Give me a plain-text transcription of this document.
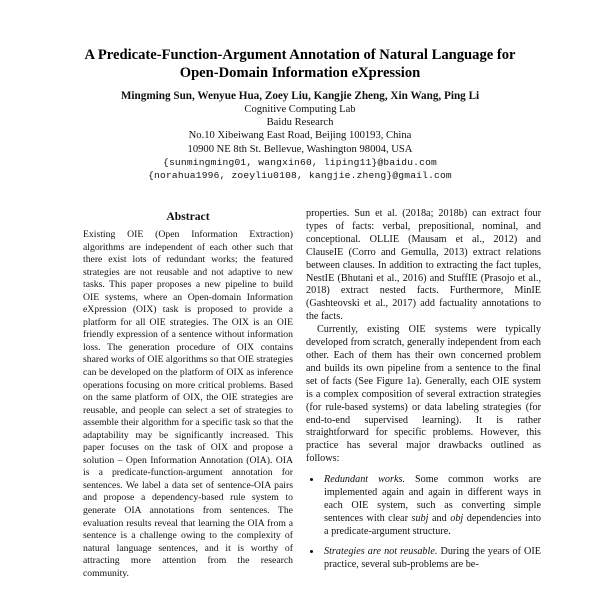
A Predicate-Function-Argument Annotation of Natural Language for
Open-Domain Information eXpression
Mingming Sun, Wenyue Hua, Zoey Liu, Kangjie Zheng, Xin Wang, Ping Li
Cognitive Computing Lab
Baidu Research
No.10 Xibeiwang East Road, Beijing 100193, China
10900 NE 8th St. Bellevue, Washington 98004, USA
{sunmingming01, wangxin60, liping11}@baidu.com
{norahua1996, zoeyliu0108, kangjie.zheng}@gmail.com
Abstract
Existing OIE (Open Information Extraction) algorithms are independent of each other such that there exist lots of redundant works; the featured strategies are not reusable and not adaptive to new tasks. This paper proposes a new pipeline to build OIE systems, where an Open-domain Information eXpression (OIX) task is proposed to provide a platform for all OIE strategies. The OIX is an OIE friendly expression of a sentence without information loss. The generation procedure of OIX contains shared works of OIE algorithms so that OIE strategies can be developed on the platform of OIX as inference operations focusing on more critical problems. Based on the same platform of OIX, the OIE strategies are reusable, and people can select a set of strategies to assemble their algorithm for a specific task so that the adaptability may be significantly increased. This paper focuses on the task of OIX and propose a solution – Open Information Annotation (OIA). OIA is a predicate-function-argument annotation for sentences. We label a data set of sentence-OIA pairs and propose a dependency-based rule system to generate OIA annotations from sentences. The evaluation results reveal that learning the OIA from a sentence is a challenge owing to the complexity of natural language sentences, and it is worthy of attracting more attention from the research community.

properties. Sun et al. (2018a; 2018b) can extract four types of facts: verbal, prepositional, nominal, and conceptional. OLLIE (Mausam et al., 2012) and ClauseIE (Corro and Gemulla, 2013) extract relations between clauses. In addition to extracting the fact tuples, NestIE (Bhutani et al., 2016) and StuffIE (Prasojo et al., 2018) extract nested facts. Furthermore, MinIE (Gashteovski et al., 2017) add factuality annotations to the facts.

Currently, existing OIE systems were typically developed from scratch, generally independent from each other. Each of them has their own concerned problem and builds its own pipeline from a sentence to the final set of facts (See Figure 1a). Generally, each OIE system is a complex composition of several extraction strategies (for rule-based systems) or data labeling strategies (for end-to-end supervised learning). It is rather straightforward for specific problems. However, this practice has several major drawbacks outlined as follows:

• Redundant works. Some common works are implemented again and again in different ways in each OIE system, such as converting simple sentences with clear subj and obj dependencies into a predicate-argument structure.
• Strategies are not reusable. During the years of OIE practice, several sub-problems are be-
